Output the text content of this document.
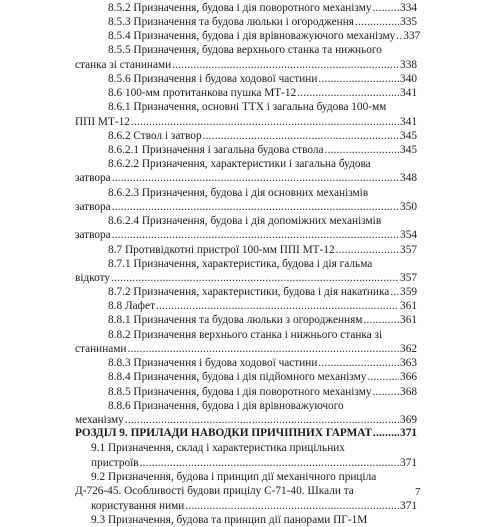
8.5.2 Призначення, будова і дія поворотного механізму .....	334
8.5.3 Призначення та будова люльки і огородження .....	335
8.5.4 Призначення, будова і дія врівноважуючого механізму ..... 337
8.5.5 Призначення, будова верхнього станка та нижнього
станка зі станинами .....	338
8.5.6 Призначення і будова ходової частини .....	340
8.6 100-мм протитанкова пушка МТ-12 .....	341
8.6.1 Призначення, основні ТТХ і загальна будова 100-мм
ППІ МТ-12 .....	341
8.6.2 Ствол і затвор .....	345
8.6.2.1 Призначення і загальна будова ствола .....	345
8.6.2.2 Призначення, характеристики і загальна будова
затвора .....	348
8.6.2.3 Призначення, будова і дія основних механізмів
затвора .....	350
8.6.2.4 Призначення, будова і дія допоміжних механізмів
затвора .....	354
8.7 Противідкотні пристрої 100-мм ППІ МТ-12 .....	357
8.7.1 Призначення, характеристика, будова і дія гальма
відкоту .....	357
8.7.2 Призначення, характеристики, будова і дія накатника ..... 359
8.8 Лафет .....	361
8.8.1 Призначення та будова люльки з огородженням .....	361
8.8.2 Призначення верхнього станка і нижнього станка зі
станинами .....	362
8.8.3 Призначення і будова ходової частини .....	363
8.8.4 Призначення, будова і дія підйомного механізму .....	366
8.8.5 Призначення, будова і дія поворотного механізму .....	368
8.8.6 Призначення, будова і дія врівноважуючого
механізму .....	369
РОЗДІЛ 9. ПРИЛАДИ НАВОДКИ ПРИЧІПНИХ ГАРМАТ ..... 371
9.1 Призначення, склад і характеристика прицільних
пристроїв .....	371
9.2 Призначення, будова і принцип дії механічного приціла
Д-726-45. Особливості будови прицілу С-71-40. Шкали та
користування ними .....	371
9.3 Призначення, будова та принцип дії панорами ПГ-1М
7
